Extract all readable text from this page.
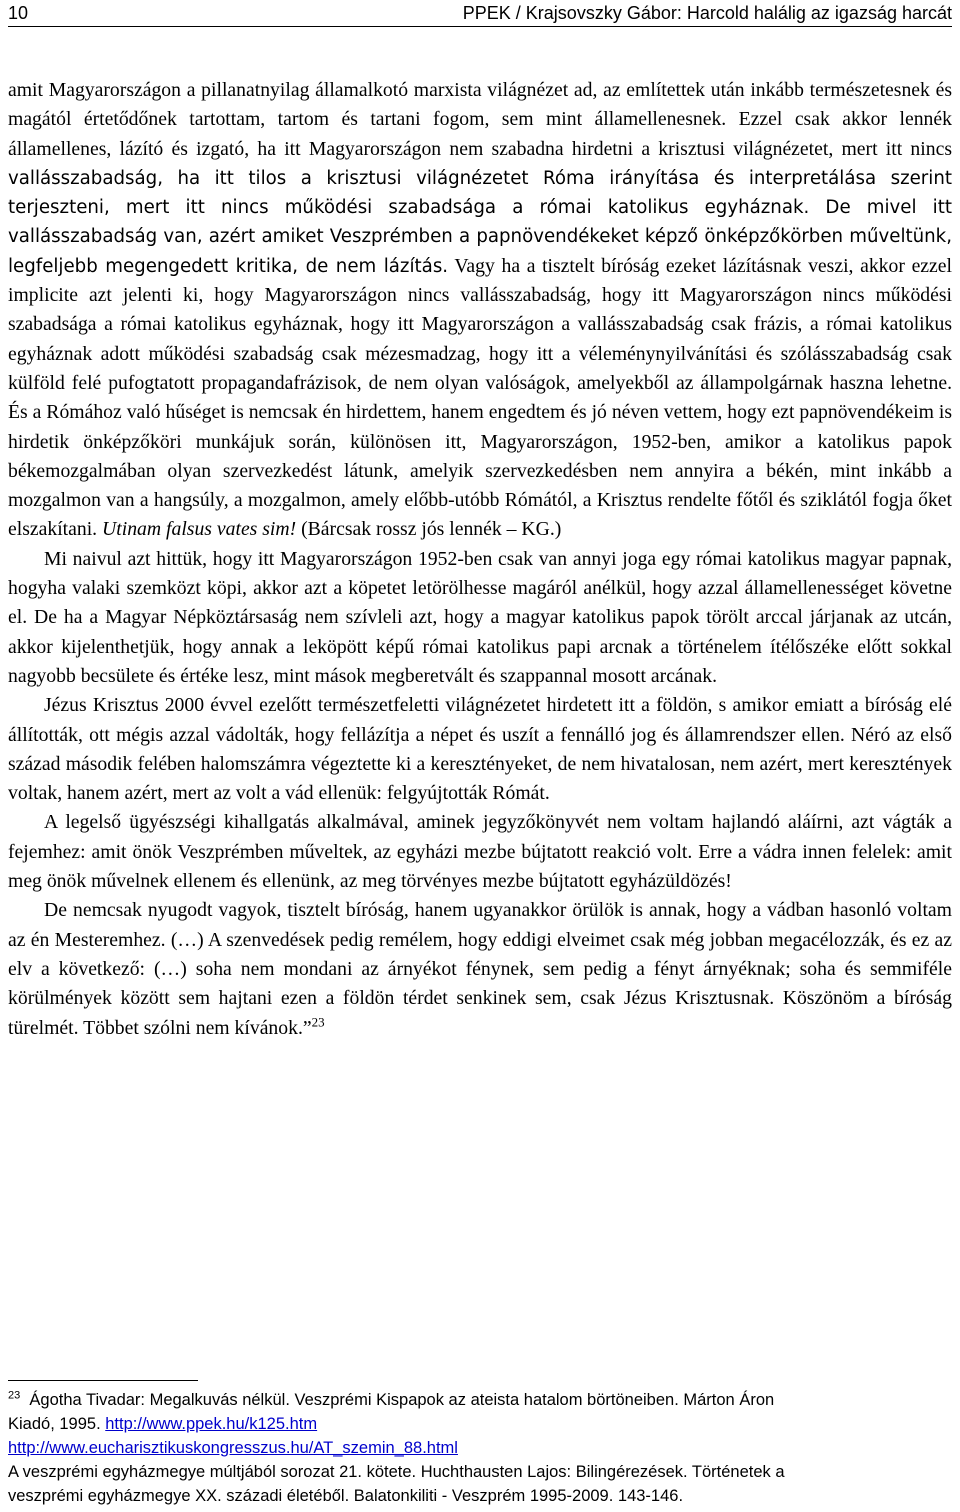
10	PPEK / Krajsovszky Gábor: Harcold halálig az igazság harcát

amit Magyarországon a pillanatnyilag államalkotó marxista világnézet ad, az említettek után inkább természetesnek és magától értetődőnek tartottam, tartom és tartani fogom, sem mint államellenesnek. Ezzel csak akkor lennék államellenes, lázító és izgató, ha itt Magyarországon nem szabadna hirdetni a krisztusi világnézetet, mert itt nincs vallásszabadság, ha itt tilos a krisztusi világnézetet Róma irányítása és interpretálása szerint terjeszteni, mert itt nincs működési szabadsága a római katolikus egyháznak. De mivel itt vallásszabadság van, azért amiket Veszprémben a papnövendékeket képző önképzőkörben műveltünk, legfeljebb megengedett kritika, de nem lázítás. Vagy ha a tisztelt bíróság ezeket lázításnak veszi, akkor ezzel implicite azt jelenti ki, hogy Magyarországon nincs vallásszabadság, hogy itt Magyarországon nincs működési szabadsága a római katolikus egyháznak, hogy itt Magyarországon a vallásszabadság csak frázis, a római katolikus egyháznak adott működési szabadság csak mézesmadzag, hogy itt a véleménynyilvánítási és szólásszabadság csak külföld felé pufogtatott propagandafrázisok, de nem olyan valóságok, amelyekből az állampolgárnak haszna lehetne. És a Rómához való hűséget is nemcsak én hirdettem, hanem engedtem és jó néven vettem, hogy ezt papnövendékeim is hirdetik önképzőköri munkájuk során, különösen itt, Magyarországon, 1952-ben, amikor a katolikus papok békemozgalmában olyan szervezkedést látunk, amelyik szervezkedésben nem annyira a békén, mint inkább a mozgalmon van a hangsúly, a mozgalmon, amely előbb-utóbb Rómától, a Krisztus rendelte főtől és sziklától fogja őket elszakítani. Utinam falsus vates sim! (Bárcsak rossz jós lennék – KG.)

Mi naivul azt hittük, hogy itt Magyarországon 1952-ben csak van annyi joga egy római katolikus magyar papnak, hogyha valaki szemközt köpi, akkor azt a köpetet letörölhesse magáról anélkül, hogy azzal államellenességet követne el. De ha a Magyar Népköztársaság nem szívleli azt, hogy a magyar katolikus papok törölt arccal járjanak az utcán, akkor kijelenthetjük, hogy annak a leköpött képű római katolikus papi arcnak a történelem ítélőszéke előtt sokkal nagyobb becsülete és értéke lesz, mint mások megberetvált és szappannal mosott arcának.

Jézus Krisztus 2000 évvel ezelőtt természetfeletti világnézetet hirdetett itt a földön, s amikor emiatt a bíróság elé állították, ott mégis azzal vádolták, hogy fellázítja a népet és uszít a fennálló jog és államrendszer ellen. Néró az első század második felében halomszámra végeztette ki a keresztényeket, de nem hivatalosan, nem azért, mert keresztények voltak, hanem azért, mert az volt a vád ellenük: felgyújtották Rómát.

A legelső ügyészségi kihallgatás alkalmával, aminek jegyzőkönyvét nem voltam hajlandó aláírni, azt vágták a fejemhez: amit önök Veszprémben műveltek, az egyházi mezbe bújtatott reakció volt. Erre a vádra innen felelek: amit meg önök művelnek ellenem és ellenünk, az meg törvényes mezbe bújtatott egyházüldözés!

De nemcsak nyugodt vagyok, tisztelt bíróság, hanem ugyanakkor örülök is annak, hogy a vádban hasonló voltam az én Mesteremhez. (…) A szenvedések pedig remélem, hogy eddigi elveimet csak még jobban megacélozzák, és ez az elv a következő: (…) soha nem mondani az árnyékot fénynek, sem pedig a fényt árnyéknak; soha és semmiféle körülmények között sem hajtani ezen a földön térdet senkinek sem, csak Jézus Krisztusnak. Köszönöm a bíróság türelmét. Többet szólni nem kívánok.”$^{23}$

$^{23}$ Ágotha Tivadar: Megalkuvás nélkül. Veszprémi Kispapok az ateista hatalom börtöneiben. Márton Áron
Kiadó, 1995. http://www.ppek.hu/k125.htm
http://www.eucharisztikuskongresszus.hu/AT_szemin_88.html
A veszprémi egyházmegye múltjából sorozat 21. kötete. Huchthausten Lajos: Bilingérezések. Történetek a
veszprémi egyházmegye XX. századi életéből. Balatonkiliti - Veszprém 1995-2009. 143-146.
